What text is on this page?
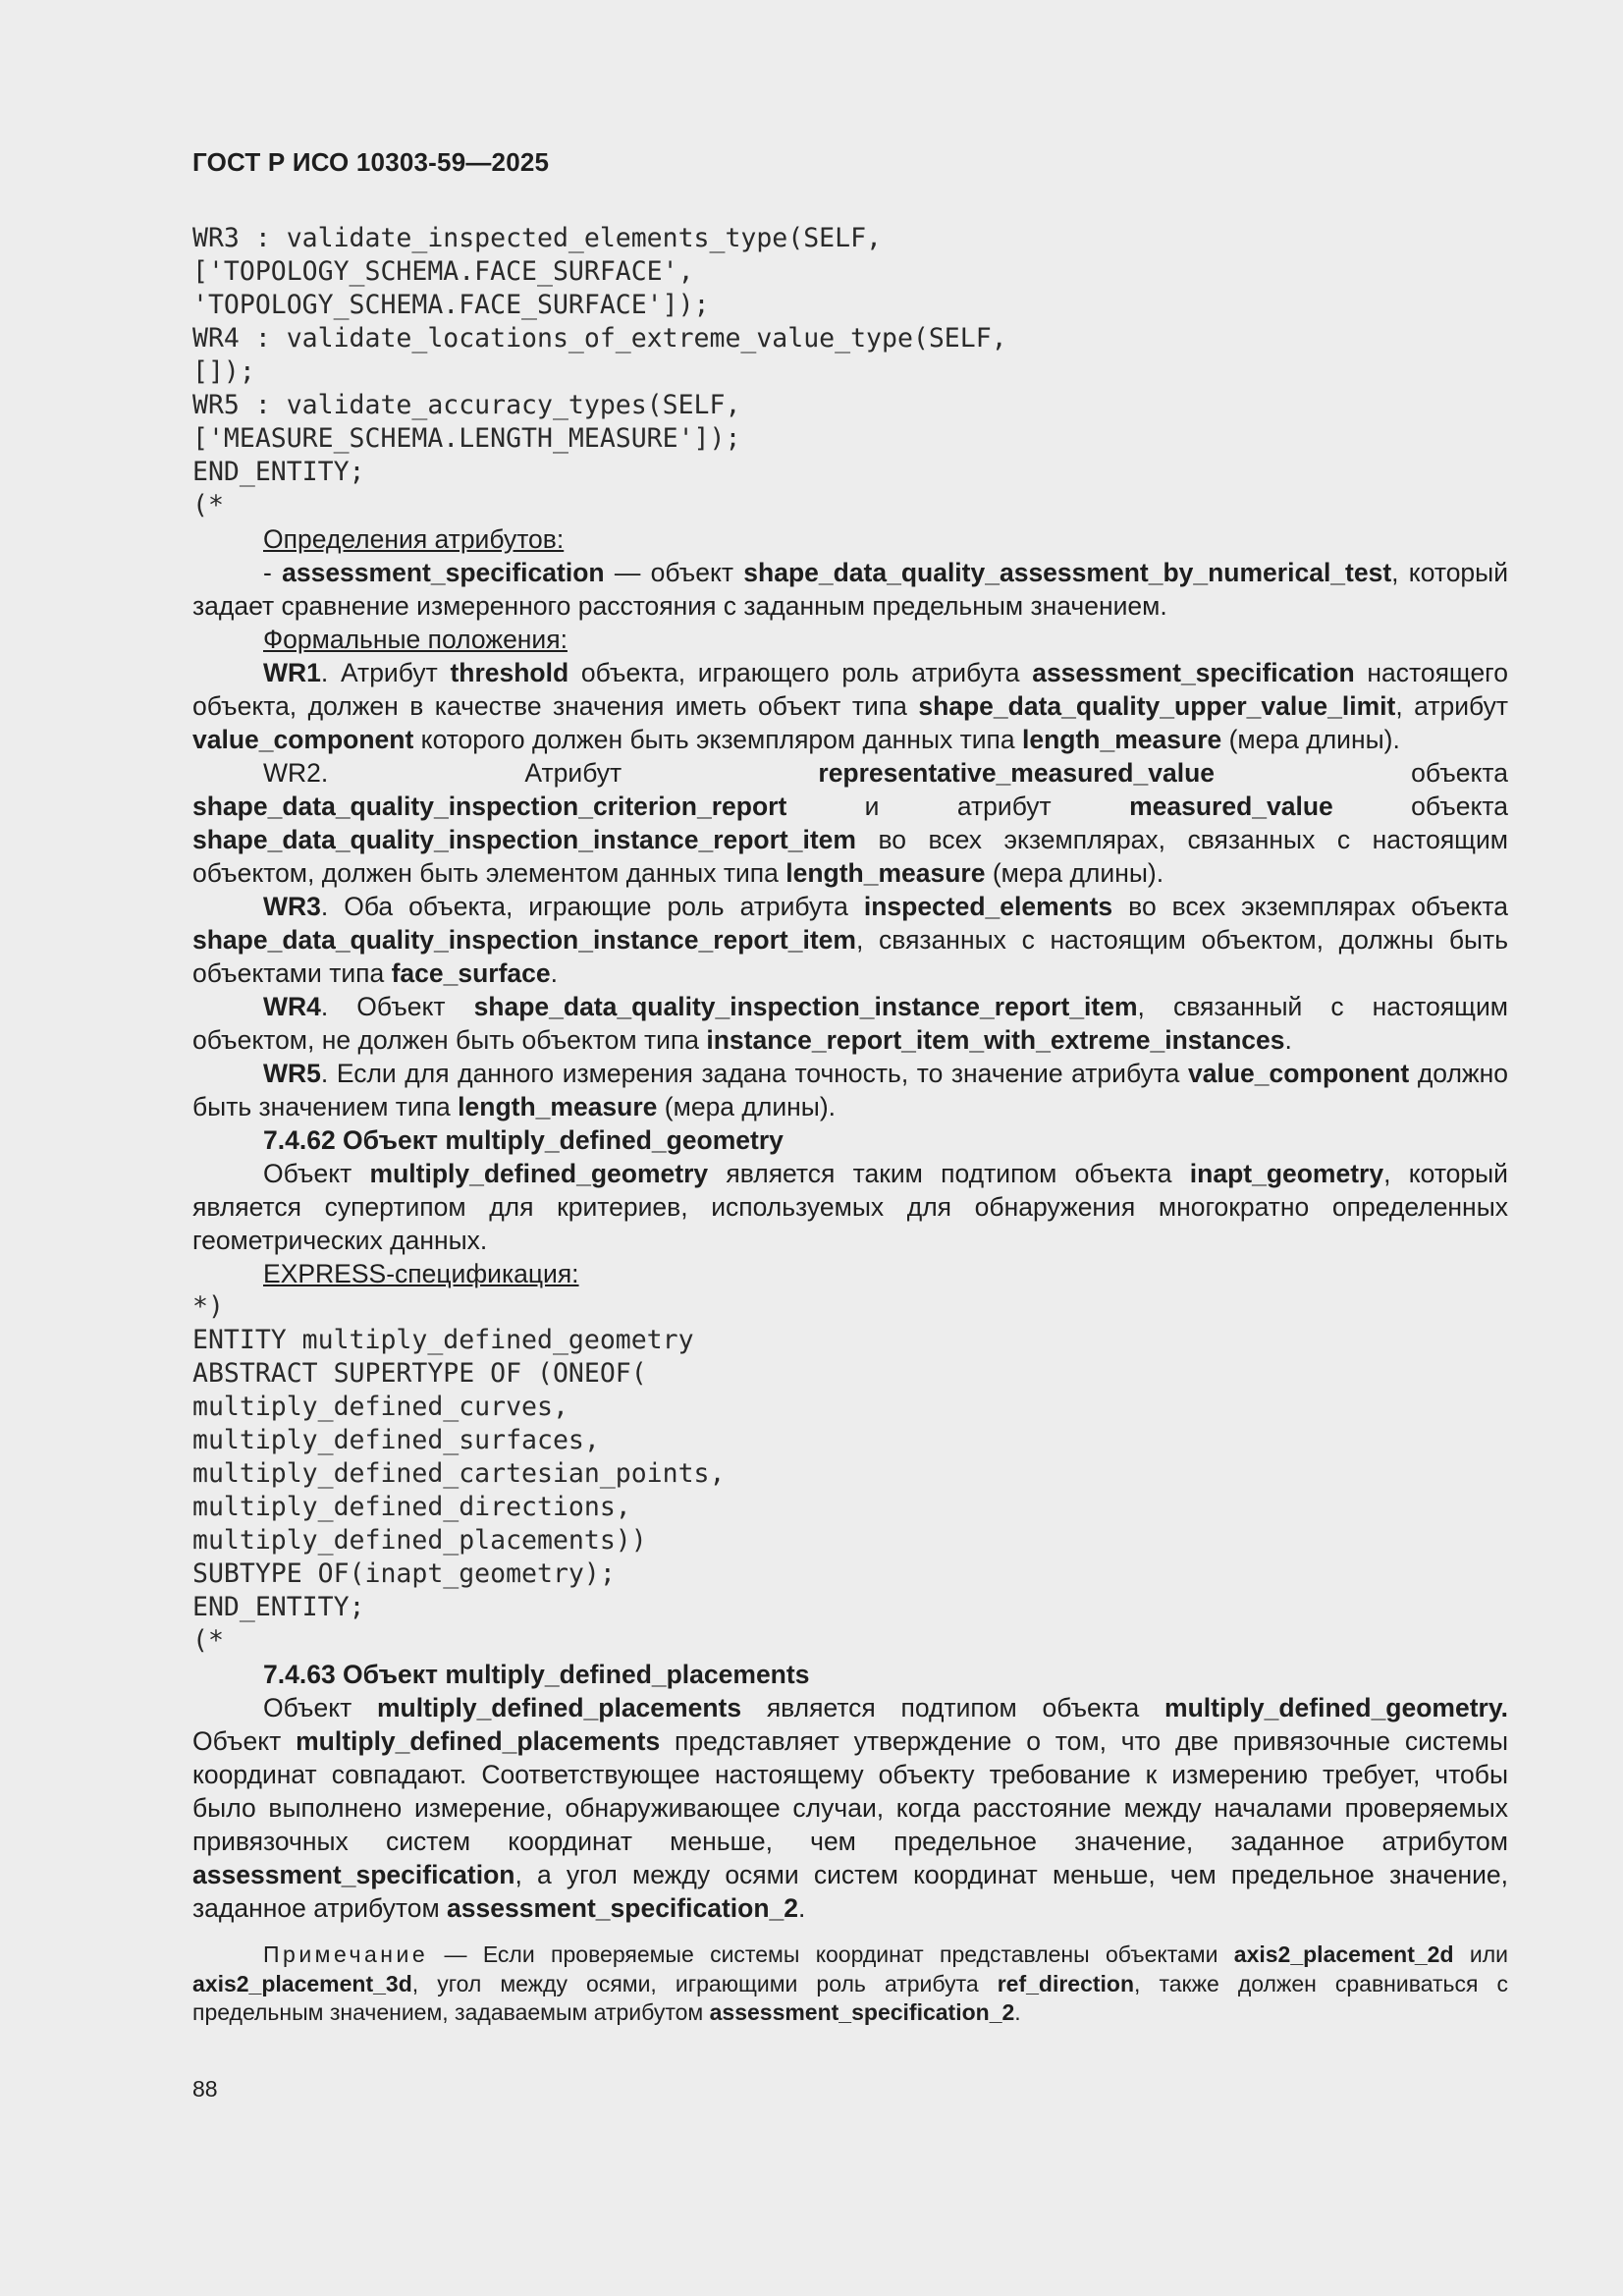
ГОСТ Р ИСО 10303-59—2025
WR3 : validate_inspected_elements_type(SELF,
['TOPOLOGY_SCHEMA.FACE_SURFACE',
'TOPOLOGY_SCHEMA.FACE_SURFACE']);
WR4 : validate_locations_of_extreme_value_type(SELF,
[]);
WR5 : validate_accuracy_types(SELF,
['MEASURE_SCHEMA.LENGTH_MEASURE']);
END_ENTITY;
(*
Определения атрибутов:
- assessment_specification — объект shape_data_quality_assessment_by_numerical_test, который задает сравнение измеренного расстояния с заданным предельным значением.
Формальные положения:
WR1. Атрибут threshold объекта, играющего роль атрибута assessment_specification настоящего объекта, должен в качестве значения иметь объект типа shape_data_quality_upper_value_limit, атрибут value_component которого должен быть экземпляром данных типа length_measure (мера длины).
WR2. Атрибут representative_measured_value объекта shape_data_quality_inspection_criterion_report и атрибут measured_value объекта shape_data_quality_inspection_instance_report_item во всех экземплярах, связанных с настоящим объектом, должен быть элементом данных типа length_measure (мера длины).
WR3. Оба объекта, играющие роль атрибута inspected_elements во всех экземплярах объекта shape_data_quality_inspection_instance_report_item, связанных с настоящим объектом, должны быть объектами типа face_surface.
WR4. Объект shape_data_quality_inspection_instance_report_item, связанный с настоящим объектом, не должен быть объектом типа instance_report_item_with_extreme_instances.
WR5. Если для данного измерения задана точность, то значение атрибута value_component должно быть значением типа length_measure (мера длины).
7.4.62 Объект multiply_defined_geometry
Объект multiply_defined_geometry является таким подтипом объекта inapt_geometry, который является супертипом для критериев, используемых для обнаружения многократно определенных геометрических данных.
EXPRESS-спецификация:
*)
ENTITY multiply_defined_geometry
ABSTRACT SUPERTYPE OF (ONEOF(
multiply_defined_curves,
multiply_defined_surfaces,
multiply_defined_cartesian_points,
multiply_defined_directions,
multiply_defined_placements))
SUBTYPE OF(inapt_geometry);
END_ENTITY;
(*
7.4.63 Объект multiply_defined_placements
Объект multiply_defined_placements является подтипом объекта multiply_defined_geometry. Объект multiply_defined_placements представляет утверждение о том, что две привязочные системы координат совпадают. Соответствующее настоящему объекту требование к измерению требует, чтобы было выполнено измерение, обнаруживающее случаи, когда расстояние между началами проверяемых привязочных систем координат меньше, чем предельное значение, заданное атрибутом assessment_specification, а угол между осями систем координат меньше, чем предельное значение, заданное атрибутом assessment_specification_2.
Примечание — Если проверяемые системы координат представлены объектами axis2_placement_2d или axis2_placement_3d, угол между осями, играющими роль атрибута ref_direction, также должен сравниваться с предельным значением, задаваемым атрибутом assessment_specification_2.
88
